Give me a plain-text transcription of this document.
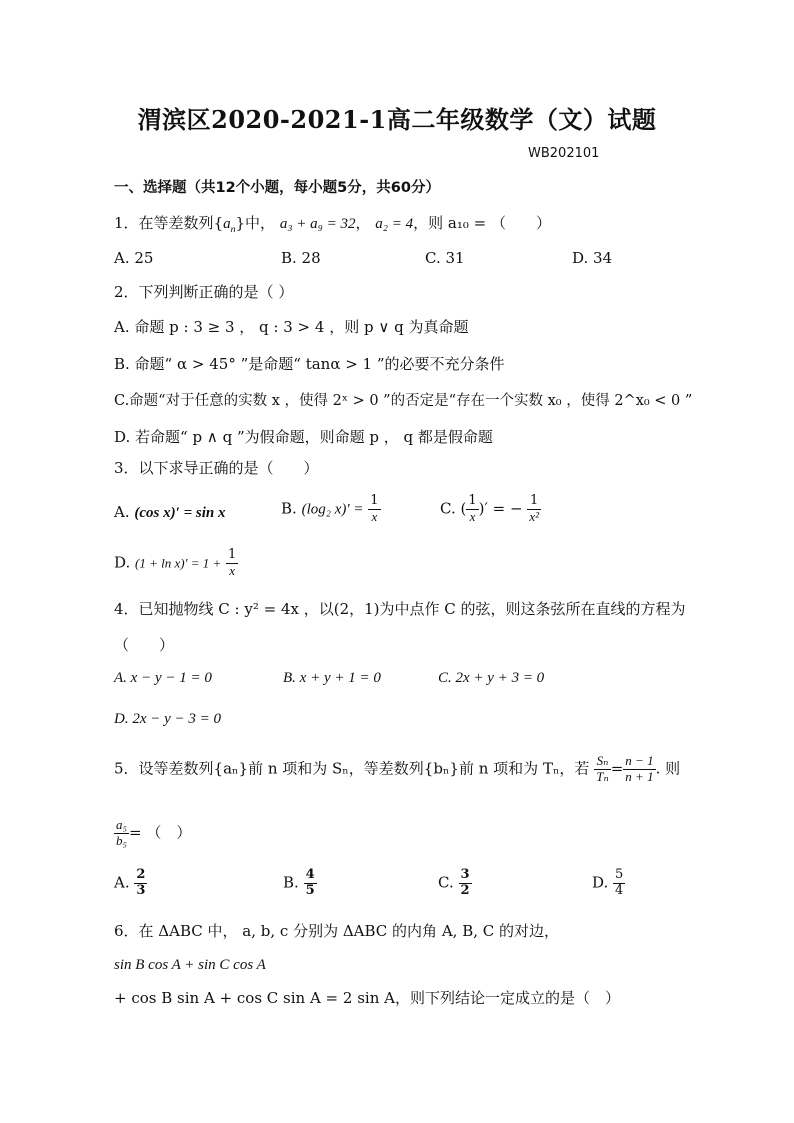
渭滨区2020-2021-1高二年级数学（文）试题
WB202101
一、选择题（共12个小题，每小题5分，共60分）
1．在等差数列$\{a_n\}$中， a₃ + a₉ = 32， a₂ = 4，则 a₁₀ = （　　）
A. 25	B. 28	C. 31	D. 34
2．下列判断正确的是（ ）
A. 命题 p : 3 ≥ 3 ， q : 3 > 4 ，则 p ∨ q 为真命题
B. 命题“ α > 45° ”是命题“ tanα > 1 ”的必要不充分条件
C.命题“对于任意的实数 x ，使得 2ˣ > 0 ”的否定是“存在一个实数 x₀ ，使得 2^x₀ < 0 ”
D. 若命题“ p ∧ q ”为假命题，则命题 p ， q 都是假命题
3．以下求导正确的是（　　）
A. (cos x)′ = sin x	B. (log₂ $x)' = \frac{1}{x}$	C. ( $\frac{1}{x}$ )′ = − $\frac{1}{\text{x²}}$
D. $(1 + \ln x)' = 1 + \frac{1}{x}$
4．已知抛物线 C : y² = 4x ，以(2，1)为中点作 C 的弦，则这条弦所在直线的方程为
（　　）
A. x − y − 1 = 0	B. x + y + 1 = 0	C. 2x + y + 3 = 0
D. 2x − y − 3 = 0
5．设等差数列{aₙ}前 n 项和为 Sₙ，等差数列{bₙ}前 n 项和为 Tₙ，若 $\frac{\text{Sₙ}}{\text{Tₙ}} = \frac{n - 1}{n + 1}$ . 则
$\frac{\text{a₅}}{\text{b₅}}$ = （　）
A. $\frac{2}{3}$	B. $\frac{4}{5}$	C. $\frac{3}{2}$	D. $\frac{5}{4}$
6．在 ΔABC 中， a, b, c 分别为 ΔABC 的内角 A, B, C 的对边，
sin B cos A + sin C cos A
+ cos B sin A + cos C sin A = 2 sin A，则下列结论一定成立的是（　）
